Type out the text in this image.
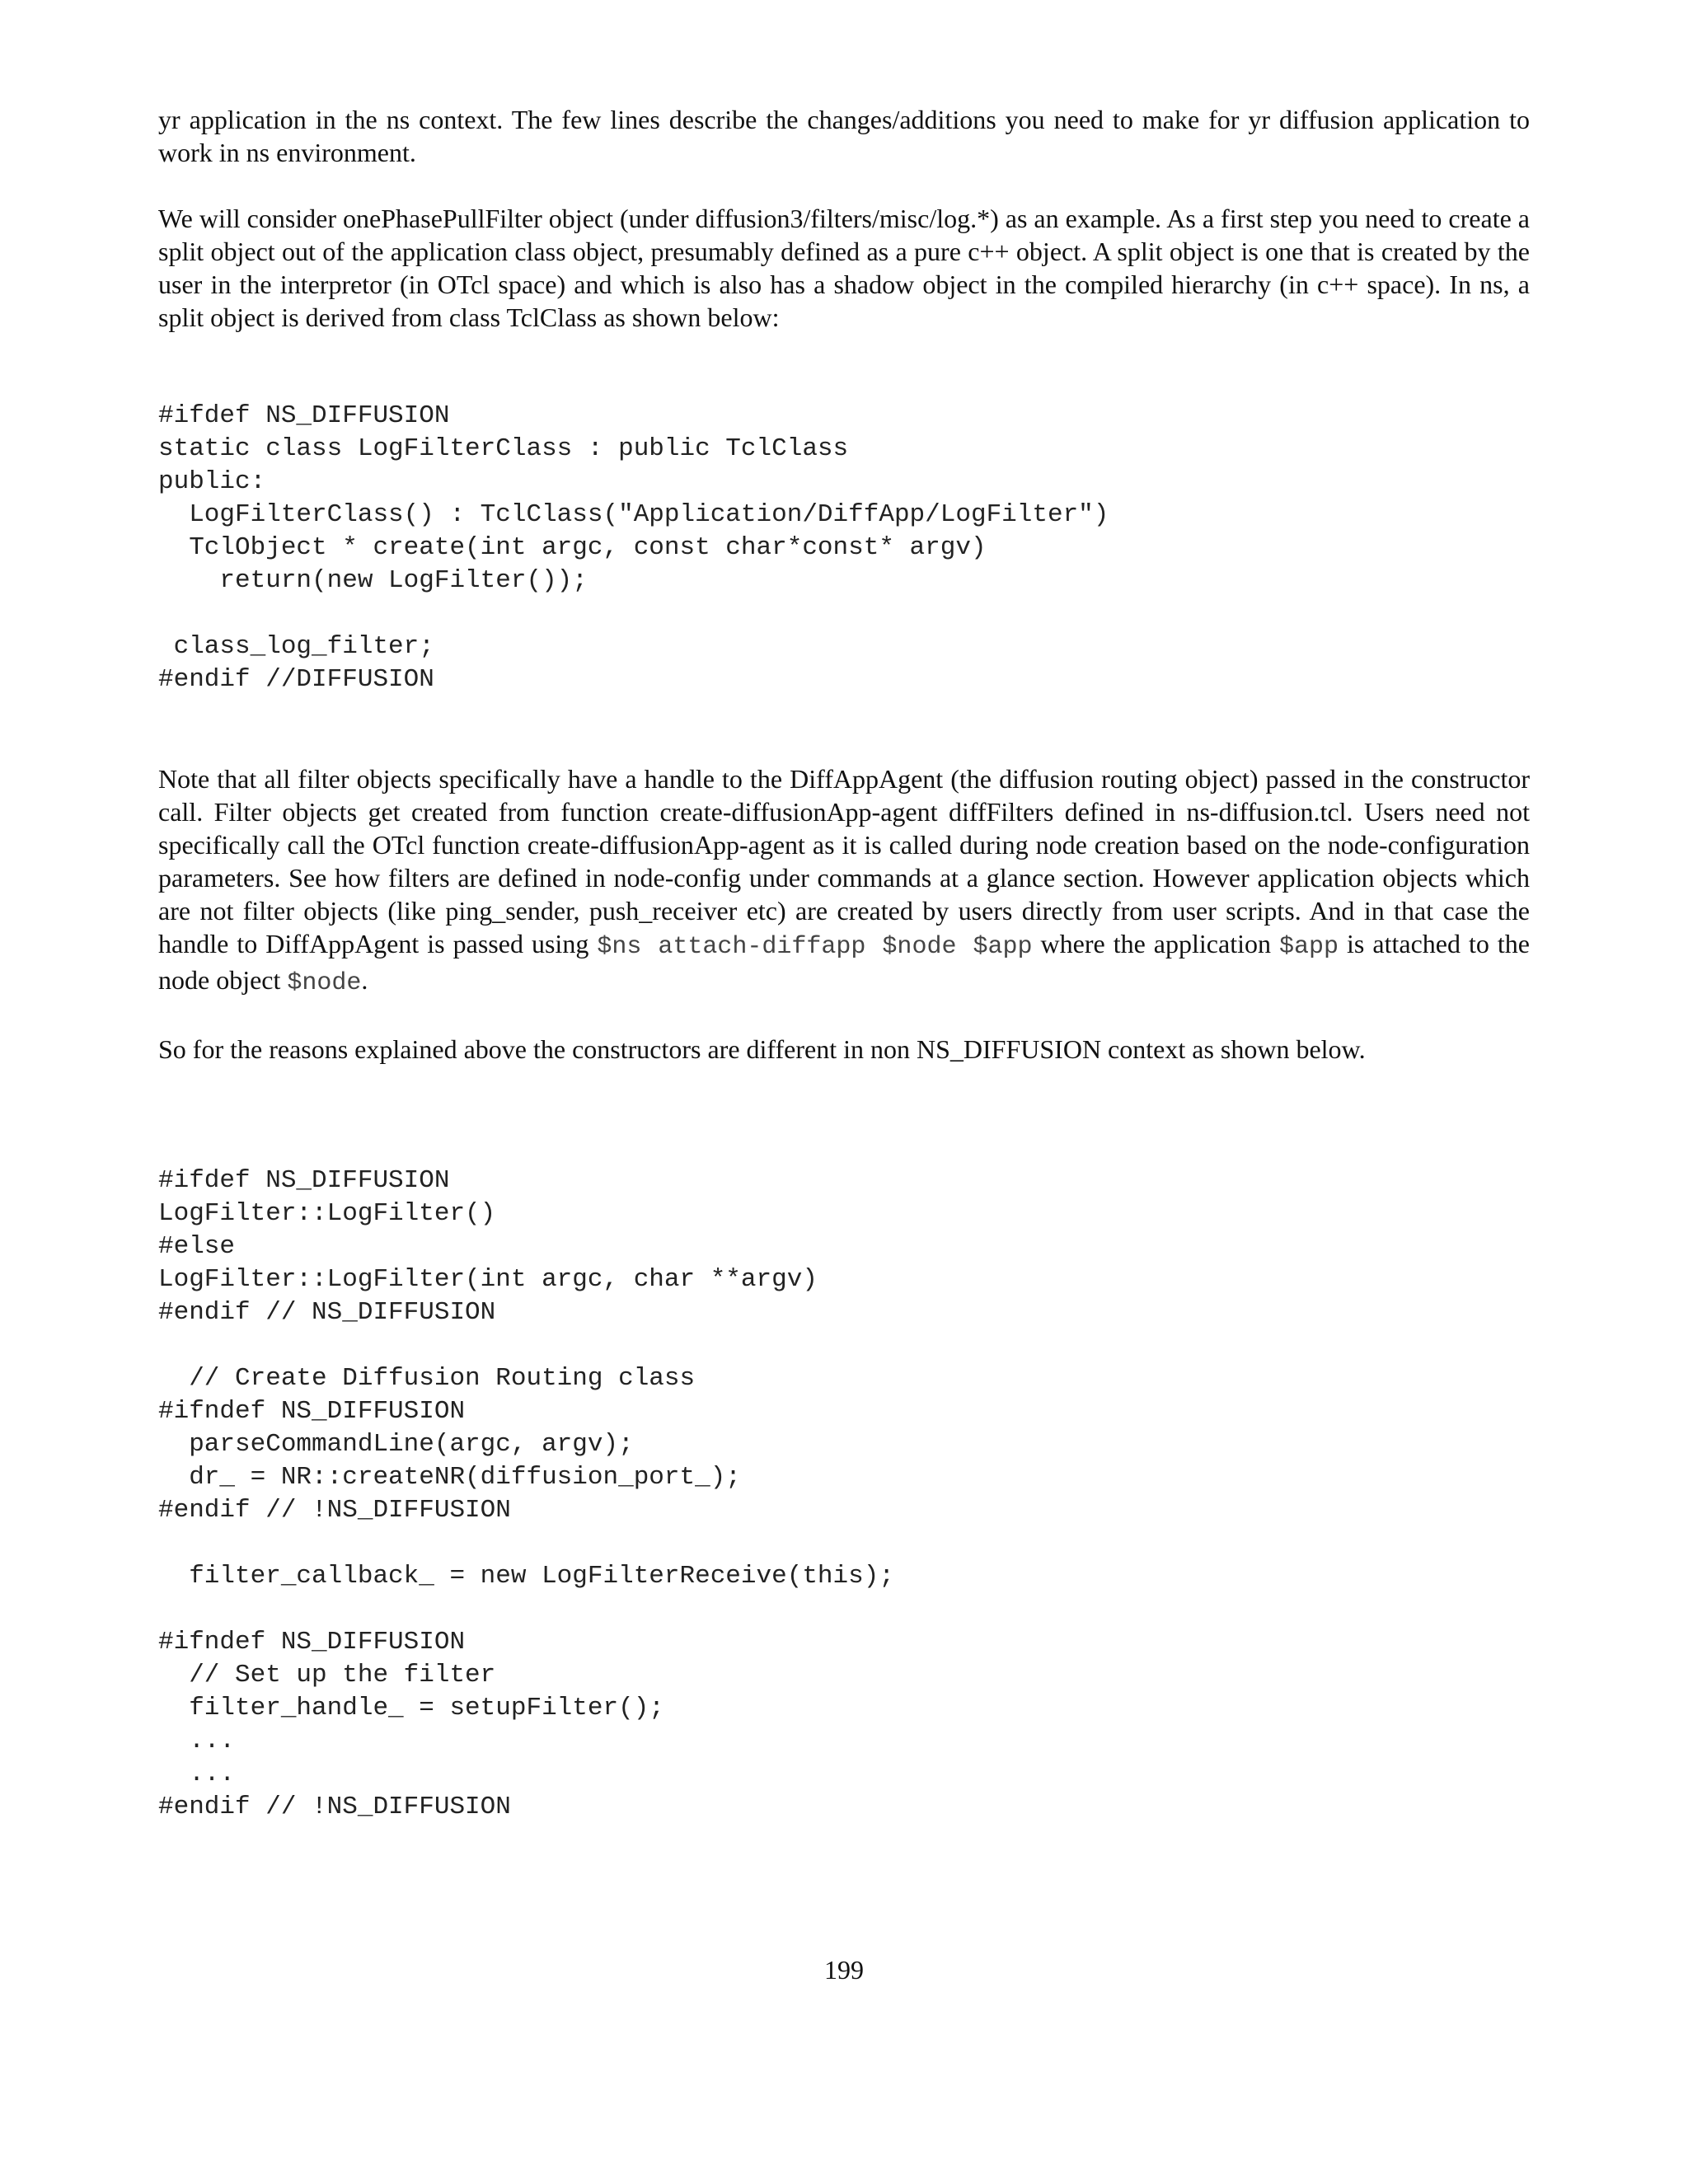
yr application in the ns context. The few lines describe the changes/additions you need to make for yr diffusion application to work in ns environment.

We will consider onePhasePullFilter object (under diffusion3/filters/misc/log.*) as an example. As a first step you need to create a split object out of the application class object, presumably defined as a pure c++ object. A split object is one that is created by the user in the interpretor (in OTcl space) and which is also has a shadow object in the compiled hierarchy (in c++ space). In ns, a split object is derived from class TclClass as shown below:

#ifdef NS_DIFFUSION
static class LogFilterClass : public TclClass
public:
LogFilterClass() : TclClass("Application/DiffApp/LogFilter")
TclObject * create(int argc, const char*const* argv)
return(new LogFilter());
class_log_filter;
#endif //DIFFUSION

Note that all filter objects specifically have a handle to the DiffAppAgent (the diffusion routing object) passed in the constructor call. Filter objects get created from function create-diffusionApp-agent diffFilters defined in ns-diffusion.tcl. Users need not specifically call the OTcl function create-diffusionApp-agent as it is called during node creation based on the node-configuration parameters. See how filters are defined in node-config under commands at a glance section. However application objects which are not filter objects (like ping_sender, push_receiver etc) are created by users directly from user scripts. And in that case the handle to DiffAppAgent is passed using $ns attach-diffapp $node $app where the application $app is attached to the node object $node.

So for the reasons explained above the constructors are different in non NS_DIFFUSION context as shown below.

#ifdef NS_DIFFUSION
LogFilter::LogFilter()
#else
LogFilter::LogFilter(int argc, char **argv)
#endif // NS_DIFFUSION
// Create Diffusion Routing class
#ifndef NS_DIFFUSION
parseCommandLine(argc, argv);
dr_ = NR::createNR(diffusion_port_);
#endif // !NS_DIFFUSION
filter_callback_ = new LogFilterReceive(this);
#ifndef NS_DIFFUSION
// Set up the filter
filter_handle_ = setupFilter();
...
...
#endif // !NS_DIFFUSION
199
